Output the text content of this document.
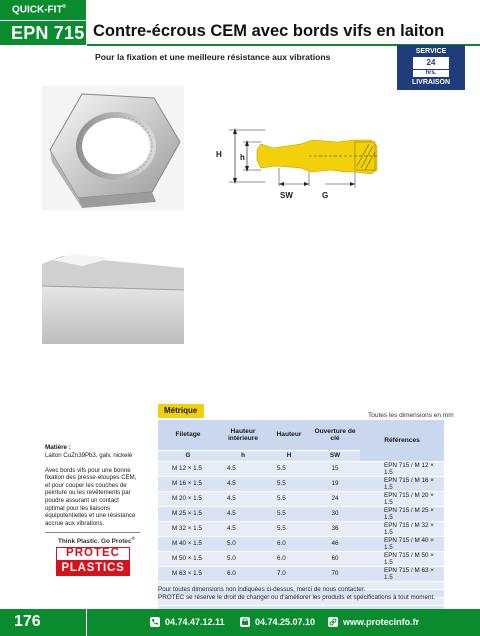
QUICK-FIT®
EPN 715 Contre-écrous CEM avec bords vifs en laiton
Pour la fixation et une meilleure résistance aux vibrations
SERVICE
24
hrs.
LIVRAISON
H h
SW	G
Métrique
Toutes les dimensions en mm
Filetage	Hauteur intérieure	Hauteur	Ouverture de clé	Références
G	h	H	SW	
M 12 × 1.5	4.5	5.5	15	EPN 715 / M 12 × 1.5
M 16 × 1.5	4.5	5.5	19	EPN 715 / M 16 × 1.5
M 20 × 1.5	4.5	5.5	24	EPN 715 / M 20 × 1.5
M 25 × 1.5	4.5	5.5	30	EPN 715 / M 25 × 1.5
M 32 × 1.5	4.5	5.5	36	EPN 715 / M 32 × 1.5
M 40 × 1.5	5.0	6.0	46	EPN 715 / M 40 × 1.5
M 50 × 1.5	5.0	6.0	60	EPN 715 / M 50 × 1.5
M 63 × 1.5	6.0	7.0	70	EPN 715 / M 63 × 1.5

Pour toutes dimensions non indiquées ci-dessus, merci de nous contacter.
PROTEC se réserve le droit de changer ou d'améliorer les produits et spécifications à tout moment.
Matière :

Laiton CuZn39Pb3, galv. nickelé

Avec bords vifs pour une bonne fixation des presse-étoupes CEM, et pour couper les couches de peinture ou les revêtements par poudre assurant un contact optimal pour les liaisons équipotentielles et une résistance accrue aux vibrations.

Think Plastic. Go Protec®
PROTEC
PLASTICS
176	04.74.47.12.11	04.74.25.07.10	www.protecinfo.fr
